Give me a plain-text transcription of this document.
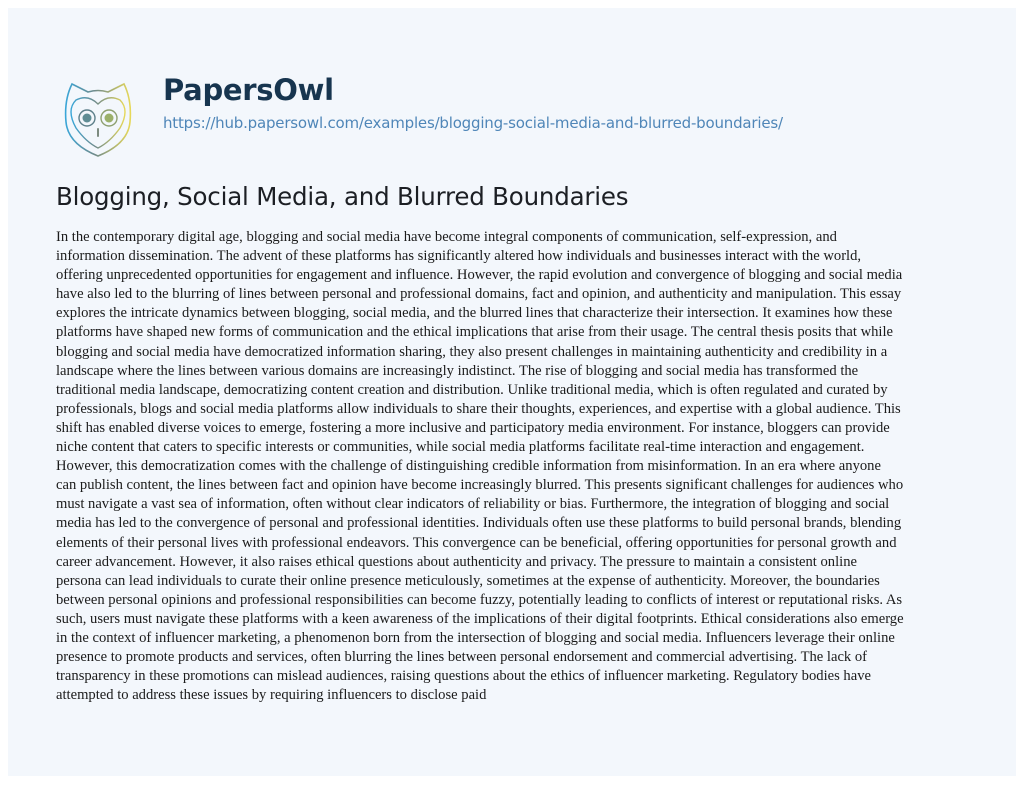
PapersOwl
https://hub.papersowl.com/examples/blogging-social-media-and-blurred-boundaries/
Blogging, Social Media, and Blurred Boundaries

In the contemporary digital age, blogging and social media have become integral components of communication, self-expression, and
information dissemination. The advent of these platforms has significantly altered how individuals and businesses interact with the world,
offering unprecedented opportunities for engagement and influence. However, the rapid evolution and convergence of blogging and social media
have also led to the blurring of lines between personal and professional domains, fact and opinion, and authenticity and manipulation. This essay
explores the intricate dynamics between blogging, social media, and the blurred lines that characterize their intersection. It examines how these
platforms have shaped new forms of communication and the ethical implications that arise from their usage. The central thesis posits that while
blogging and social media have democratized information sharing, they also present challenges in maintaining authenticity and credibility in a
landscape where the lines between various domains are increasingly indistinct. The rise of blogging and social media has transformed the
traditional media landscape, democratizing content creation and distribution. Unlike traditional media, which is often regulated and curated by
professionals, blogs and social media platforms allow individuals to share their thoughts, experiences, and expertise with a global audience. This
shift has enabled diverse voices to emerge, fostering a more inclusive and participatory media environment. For instance, bloggers can provide
niche content that caters to specific interests or communities, while social media platforms facilitate real-time interaction and engagement.
However, this democratization comes with the challenge of distinguishing credible information from misinformation. In an era where anyone
can publish content, the lines between fact and opinion have become increasingly blurred. This presents significant challenges for audiences who
must navigate a vast sea of information, often without clear indicators of reliability or bias. Furthermore, the integration of blogging and social
media has led to the convergence of personal and professional identities. Individuals often use these platforms to build personal brands, blending
elements of their personal lives with professional endeavors. This convergence can be beneficial, offering opportunities for personal growth and
career advancement. However, it also raises ethical questions about authenticity and privacy. The pressure to maintain a consistent online
persona can lead individuals to curate their online presence meticulously, sometimes at the expense of authenticity. Moreover, the boundaries
between personal opinions and professional responsibilities can become fuzzy, potentially leading to conflicts of interest or reputational risks. As
such, users must navigate these platforms with a keen awareness of the implications of their digital footprints. Ethical considerations also emerge
in the context of influencer marketing, a phenomenon born from the intersection of blogging and social media. Influencers leverage their online
presence to promote products and services, often blurring the lines between personal endorsement and commercial advertising. The lack of
transparency in these promotions can mislead audiences, raising questions about the ethics of influencer marketing. Regulatory bodies have
attempted to address these issues by requiring influencers to disclose paid
